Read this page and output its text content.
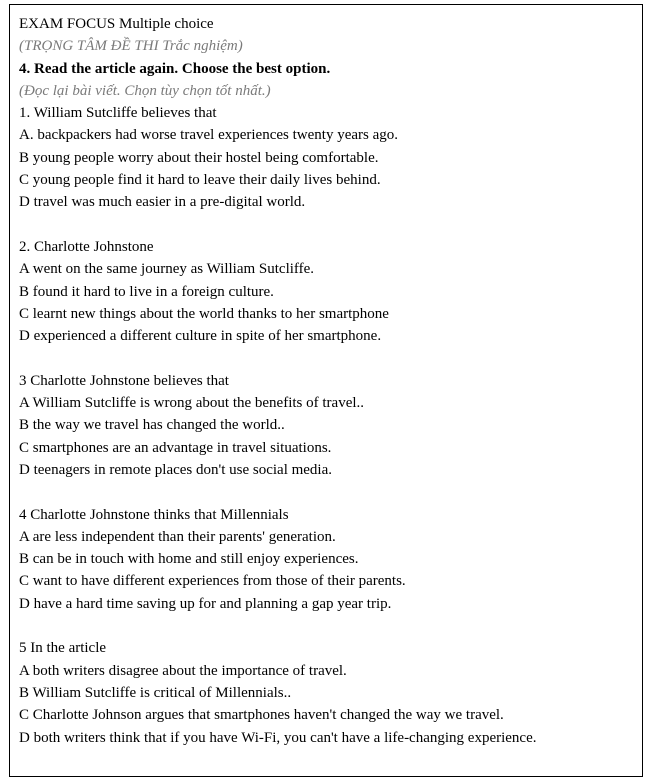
EXAM FOCUS Multiple choice
(TRỌNG TÂM ĐỀ THI Trắc nghiệm)
4. Read the article again. Choose the best option.
(Đọc lại bài viết. Chọn tùy chọn tốt nhất.)
1. William Sutcliffe believes that
A. backpackers had worse travel experiences twenty years ago.
B young people worry about their hostel being comfortable.
C young people find it hard to leave their daily lives behind.
D travel was much easier in a pre-digital world.
2. Charlotte Johnstone
A went on the same journey as William Sutcliffe.
B found it hard to live in a foreign culture.
C learnt new things about the world thanks to her smartphone
D experienced a different culture in spite of her smartphone.
3 Charlotte Johnstone believes that
A William Sutcliffe is wrong about the benefits of travel..
B the way we travel has changed the world..
C smartphones are an advantage in travel situations.
D teenagers in remote places don't use social media.
4 Charlotte Johnstone thinks that Millennials
A are less independent than their parents' generation.
B can be in touch with home and still enjoy experiences.
C want to have different experiences from those of their parents.
D have a hard time saving up for and planning a gap year trip.
5 In the article
A both writers disagree about the importance of travel.
B William Sutcliffe is critical of Millennials..
C Charlotte Johnson argues that smartphones haven't changed the way we travel.
D both writers think that if you have Wi-Fi, you can't have a life-changing experience.
